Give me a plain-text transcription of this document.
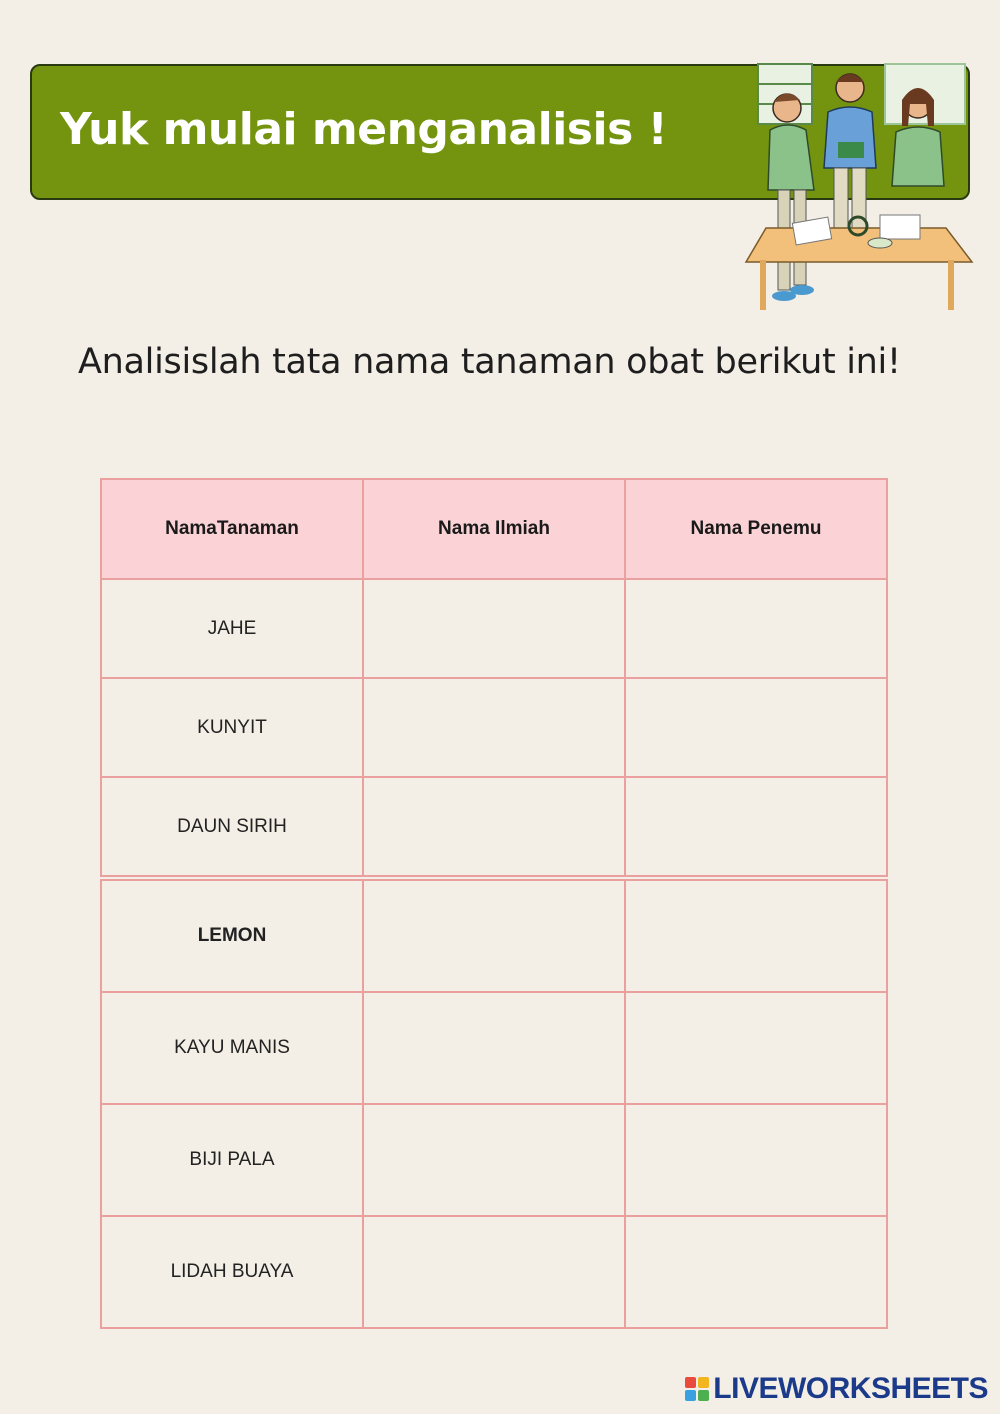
Yuk mulai menganalisis !
Analisislah tata nama tanaman obat berikut ini!
NamaTanaman	Nama Ilmiah	Nama Penemu
JAHE		
KUNYIT		
DAUN SIRIH		
LEMON		
KAYU MANIS		
BIJI PALA		
LIDAH BUAYA		
LIVEWORKSHEETS
